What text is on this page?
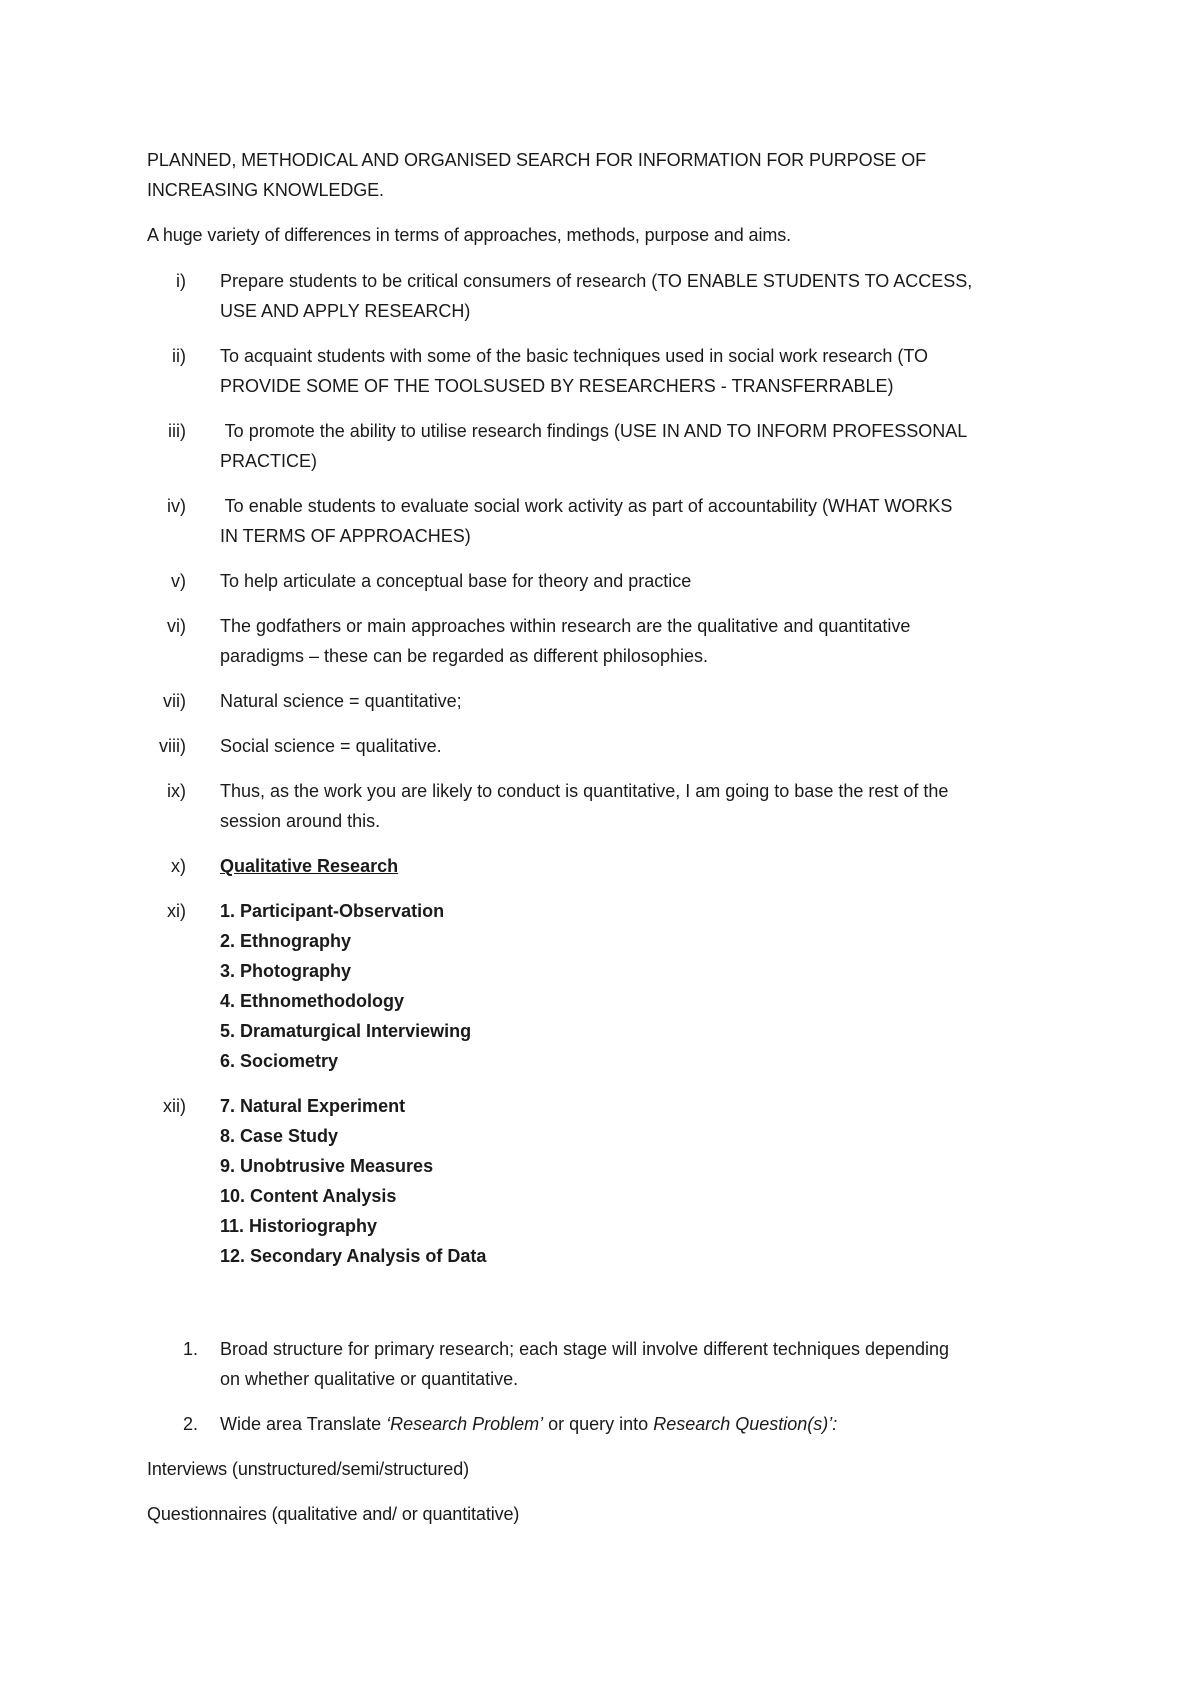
PLANNED, METHODICAL AND ORGANISED SEARCH FOR INFORMATION FOR PURPOSE OF
INCREASING KNOWLEDGE.
A huge variety of differences in terms of approaches, methods, purpose and aims.
i) Prepare students to be critical consumers of research (TO ENABLE STUDENTS TO ACCESS,
USE AND APPLY RESEARCH)
ii) To acquaint students with some of the basic techniques used in social work research (TO
PROVIDE SOME OF THE TOOLSUSED BY RESEARCHERS - TRANSFERRABLE)
iii) To promote the ability to utilise research findings (USE IN AND TO INFORM PROFESSONAL
PRACTICE)
iv) To enable students to evaluate social work activity as part of accountability (WHAT WORKS
IN TERMS OF APPROACHES)
v) To help articulate a conceptual base for theory and practice
vi) The godfathers or main approaches within research are the qualitative and quantitative
paradigms – these can be regarded as different philosophies.
vii) Natural science = quantitative;
viii) Social science = qualitative.
ix) Thus, as the work you are likely to conduct is quantitative, I am going to base the rest of the
session around this.
x) Qualitative Research
xi) 1. Participant-Observation
2. Ethnography
3. Photography
4. Ethnomethodology
5. Dramaturgical Interviewing
6. Sociometry
xii) 7. Natural Experiment
8. Case Study
9. Unobtrusive Measures
10. Content Analysis
11. Historiography
12. Secondary Analysis of Data
1. Broad structure for primary research; each stage will involve different techniques depending
on whether qualitative or quantitative.
2. Wide area Translate ‘Research Problem’ or query into Research Question(s)’:
Interviews (unstructured/semi/structured)
Questionnaires (qualitative and/ or quantitative)
